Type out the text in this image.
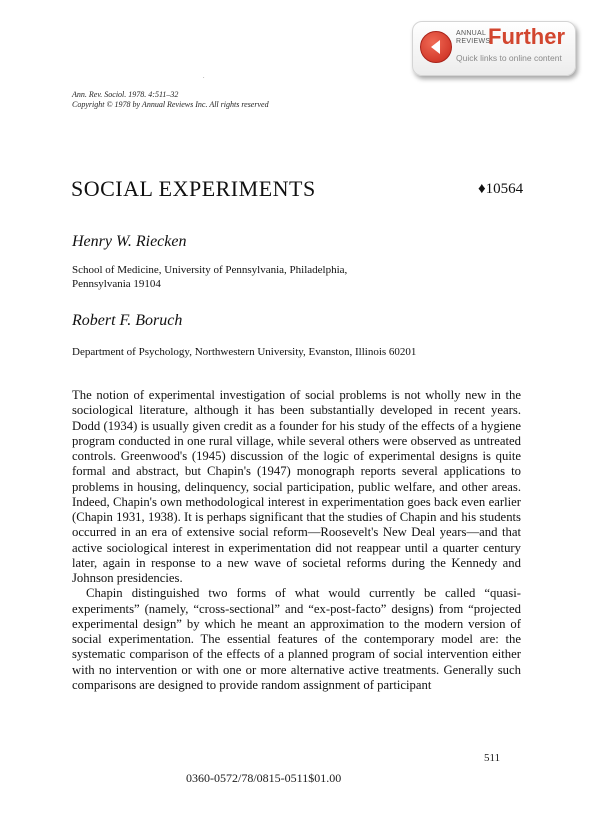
ANNUAL
REVIEWS
Further
Quick links to online content
Ann. Rev. Sociol. 1978. 4:511–32
Copyright © 1978 by Annual Reviews Inc. All rights reserved
.
SOCIAL EXPERIMENTS	♦10564
Henry W. Riecken
School of Medicine, University of Pennsylvania, Philadelphia,
Pennsylvania 19104
Robert F. Boruch
Department of Psychology, Northwestern University, Evanston, Illinois 60201

The notion of experimental investigation of social problems is not wholly new in the sociological literature, although it has been substantially developed in recent years. Dodd (1934) is usually given credit as a founder for his study of the effects of a hygiene program conducted in one rural village, while several others were observed as untreated controls. Greenwood's (1945) discussion of the logic of experimental designs is quite formal and abstract, but Chapin's (1947) monograph reports several applications to problems in housing, delinquency, social participation, public welfare, and other areas. Indeed, Chapin's own methodological interest in experimentation goes back even earlier (Chapin 1931, 1938). It is perhaps significant that the studies of Chapin and his students occurred in an era of extensive social reform—Roosevelt's New Deal years—and that active sociological interest in experimentation did not reappear until a quarter century later, again in response to a new wave of societal reforms during the Kennedy and Johnson presidencies.

Chapin distinguished two forms of what would currently be called “quasi-experiments” (namely, “cross-sectional” and “ex-post-facto” designs) from “projected experimental design” by which he meant an approximation to the modern version of social experimentation. The essential features of the contemporary model are: the systematic comparison of the effects of a planned program of social intervention either with no intervention or with one or more alternative active treatments. Generally such comparisons are designed to provide random assignment of participant

511
0360-0572/78/0815-0511$01.00
